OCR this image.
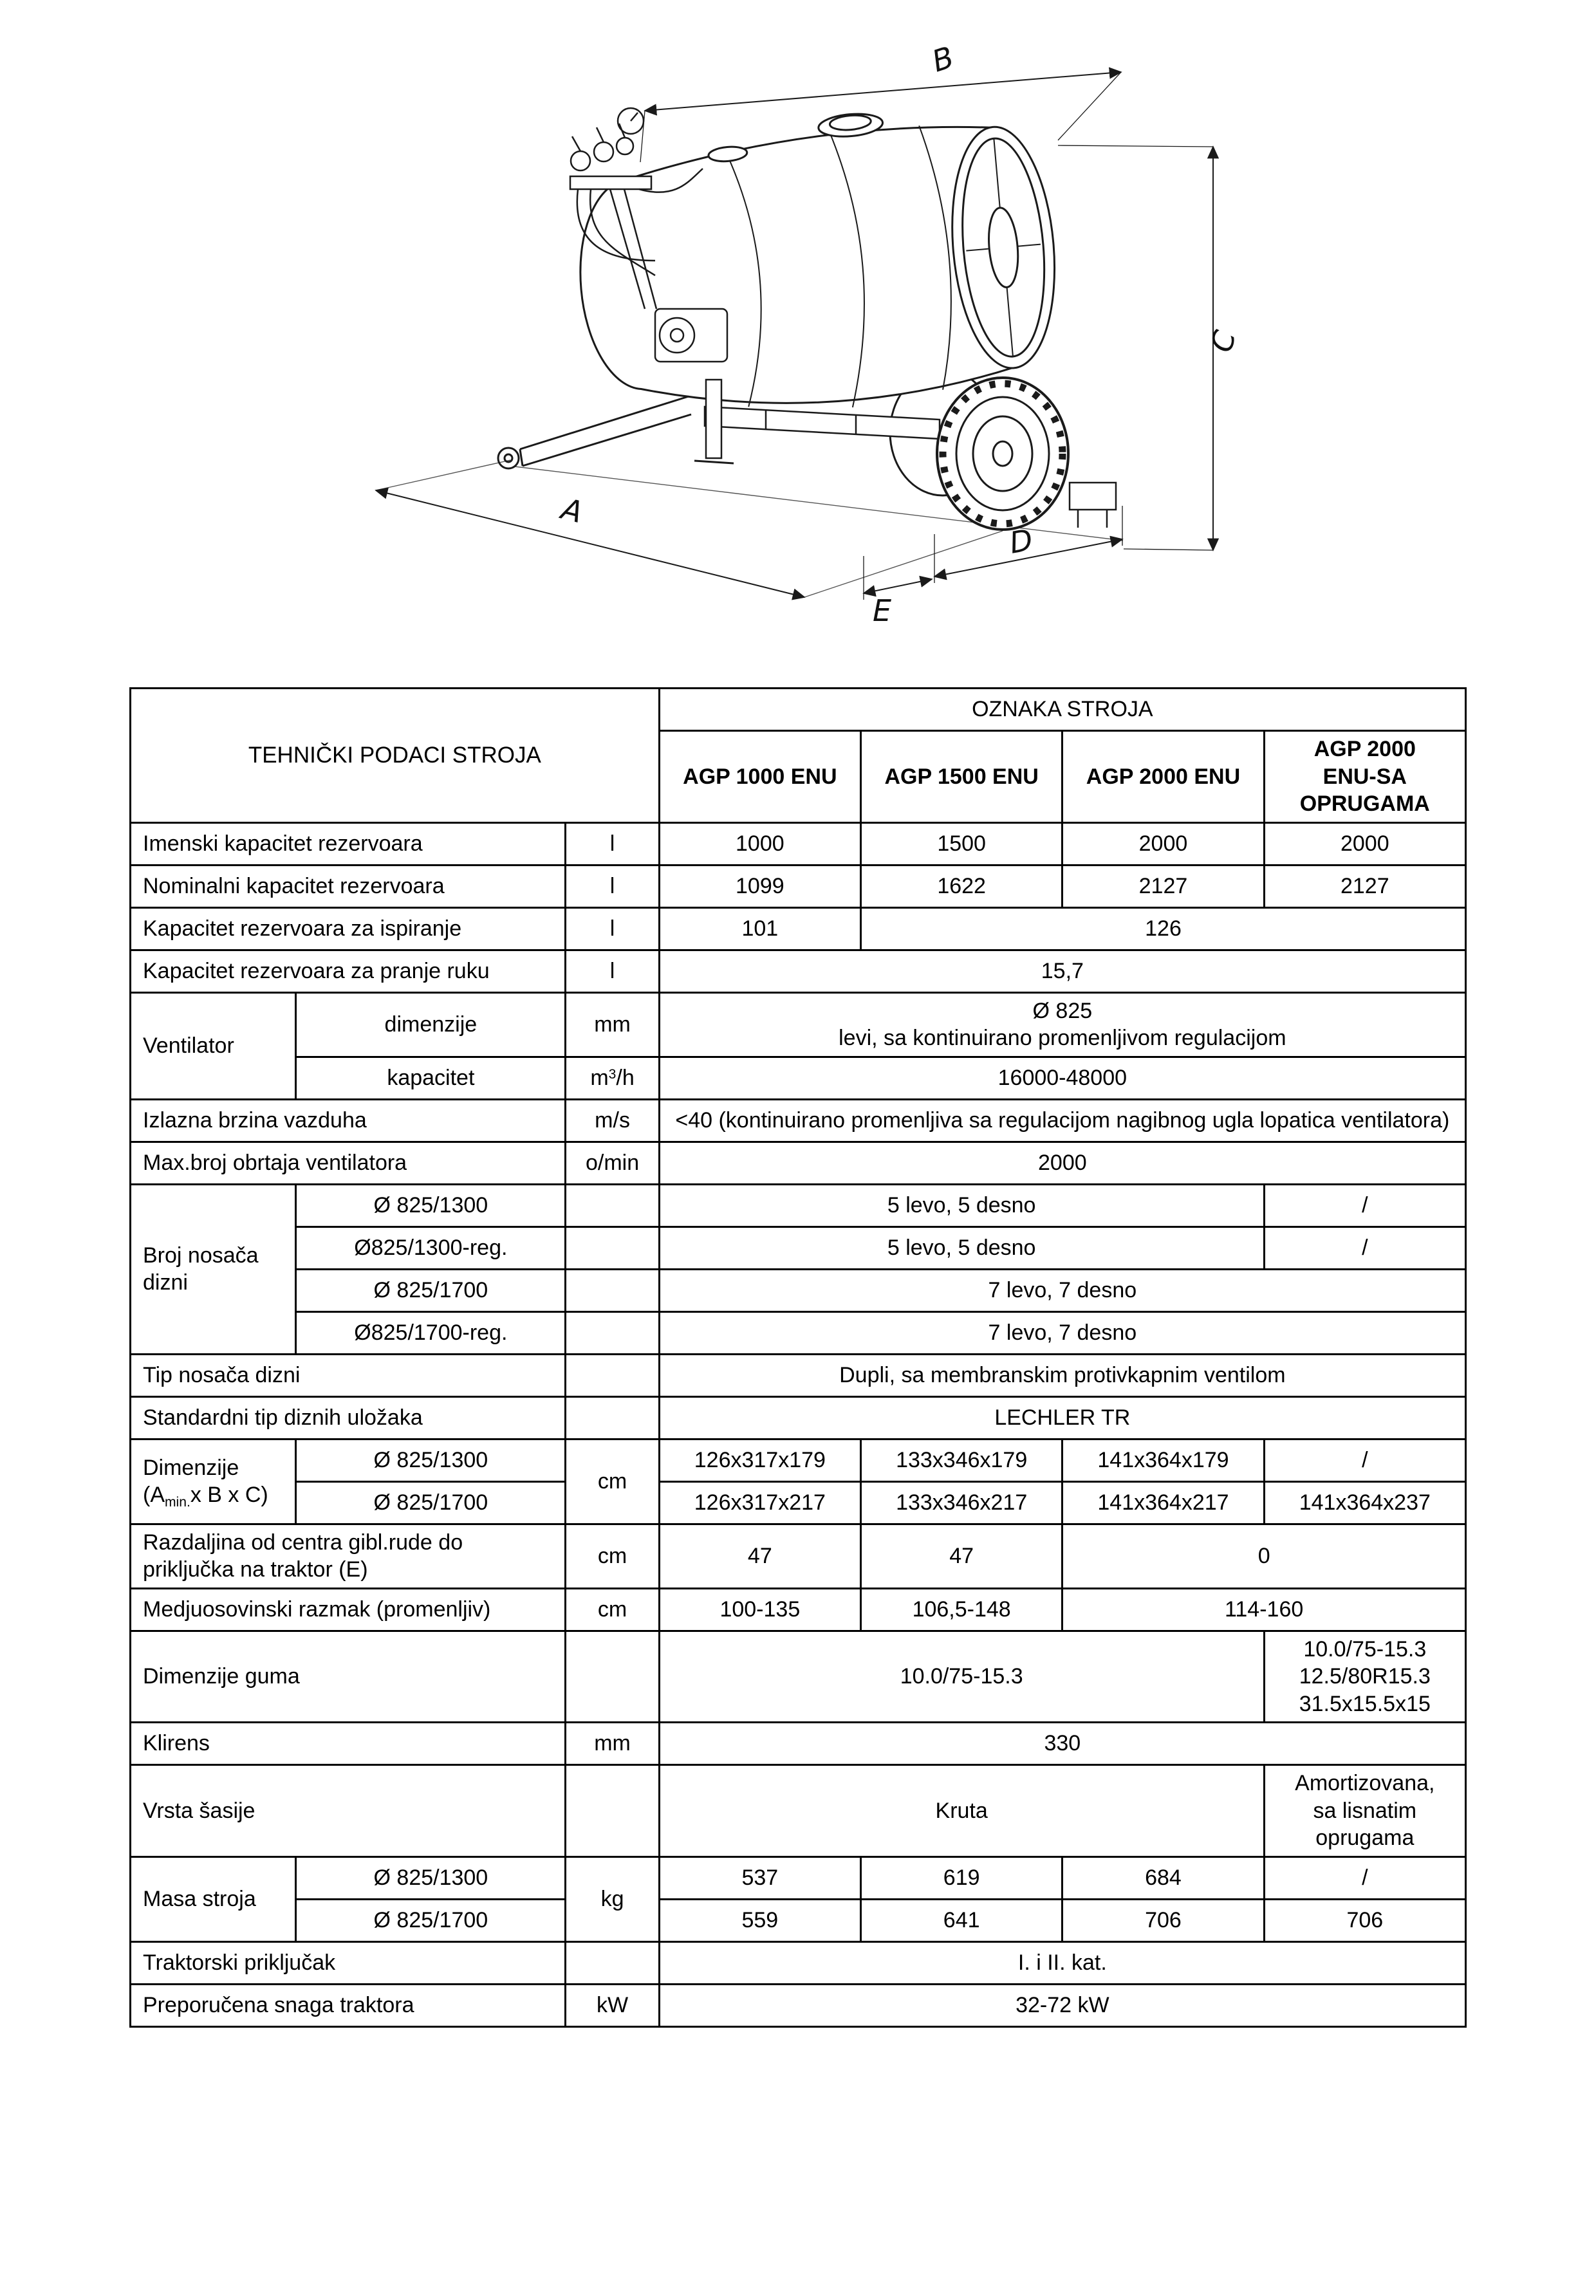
A
B
C
D
E
TEHNIČKI PODACI STROJA			OZNAKA STROJA			
			AGP 1000 ENU	AGP 1500 ENU	AGP 2000 ENU	AGP 2000
ENU-SA
OPRUGAMA
Imenski kapacitet rezervoara		l	1000	1500	2000	2000
Nominalni kapacitet rezervoara		l	1099	1622	2127	2127
Kapacitet rezervoara za ispiranje		l	101	126		
Kapacitet rezervoara za pranje ruku		l	15,7			
Ventilator	dimenzije	mm	Ø 825
levi, sa kontinuirano promenljivom regulacijom			
	kapacitet	$m^3/h$	16000-48000			
Izlazna brzina vazduha		m/s	<40 (kontinuirano promenljiva sa regulacijom nagibnog ugla lopatica ventilatora)			
Max.broj obrtaja ventilatora		o/min	2000			
Broj nosača dizni	Ø 825/1300		5 levo, 5 desno			/
	Ø825/1300-reg.		5 levo, 5 desno			/
	Ø 825/1700		7 levo, 7 desno			
	Ø825/1700-reg.		7 levo, 7 desno			
Tip nosača dizni			Dupli, sa membranskim protivkapnim ventilom			
Standardni tip diznih uložaka			LECHLER TR			
Dimenzije
($A_{min.}x$ B x C)	Ø 825/1300	cm	126x317x179	133x346x179	141x364x179	/
	Ø 825/1700		126x317x217	133x346x217	141x364x217	141x364x237
Razdaljina od centra gibl.rude do priključka na traktor (E)		cm	47	47	0	
Medjuosovinski razmak (promenljiv)		cm	100-135	106,5-148	114-160	
Dimenzije guma			10.0/75-15.3			10.0/75-15.3
12.5/80R15.3
31.5x15.5x15
Klirens		mm	330			
Vrsta šasije			Kruta			Amortizovana,
sa lisnatim
oprugama
Masa stroja	Ø 825/1300	kg	537	619	684	/
	Ø 825/1700		559	641	706	706
Traktorski priključak			I. i II. kat.			
Preporučena snaga traktora		kW	32-72 kW			
